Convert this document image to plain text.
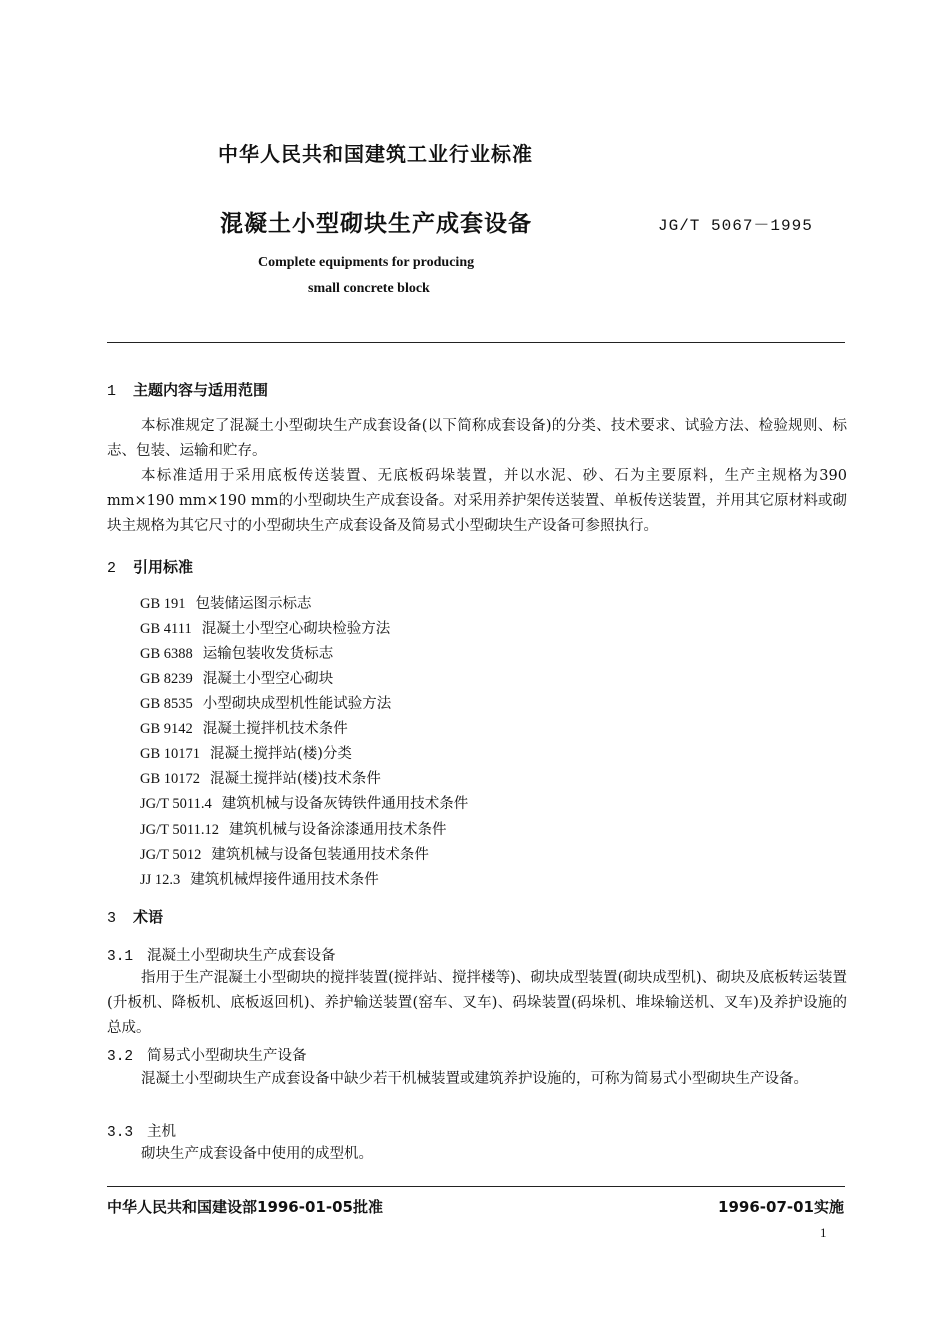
中华人民共和国建筑工业行业标准
混凝土小型砌块生产成套设备	JG/T 5067－1995
Complete equipments for producing
small concrete block
1 主题内容与适用范围
本标准规定了混凝土小型砌块生产成套设备(以下简称成套设备)的分类、技术要求、试验方法、检验规则、标志、包装、运输和贮存。
本标准适用于采用底板传送装置、无底板码垛装置，并以水泥、砂、石为主要原料，生产主规格为390 mm×190 mm×190 mm的小型砌块生产成套设备。对采用养护架传送装置、单板传送装置，并用其它原材料或砌块主规格为其它尺寸的小型砌块生产成套设备及简易式小型砌块生产设备可参照执行。
2 引用标准
GB 191 包装储运图示标志
GB 4111 混凝土小型空心砌块检验方法
GB 6388 运输包装收发货标志
GB 8239 混凝土小型空心砌块
GB 8535 小型砌块成型机性能试验方法
GB 9142 混凝土搅拌机技术条件
GB 10171 混凝土搅拌站(楼)分类
GB 10172 混凝土搅拌站(楼)技术条件
JG/T 5011.4 建筑机械与设备灰铸铁件通用技术条件
JG/T 5011.12 建筑机械与设备涂漆通用技术条件
JG/T 5012 建筑机械与设备包装通用技术条件
JJ 12.3 建筑机械焊接件通用技术条件
3 术语
3.1 混凝土小型砌块生产成套设备
指用于生产混凝土小型砌块的搅拌装置(搅拌站、搅拌楼等)、砌块成型装置(砌块成型机)、砌块及底板转运装置(升板机、降板机、底板返回机)、养护输送装置(窑车、叉车)、码垛装置(码垛机、堆垛输送机、叉车)及养护设施的总成。
3.2 简易式小型砌块生产设备
混凝土小型砌块生产成套设备中缺少若干机械装置或建筑养护设施的，可称为简易式小型砌块生产设备。
3.3 主机
砌块生产成套设备中使用的成型机。
中华人民共和国建设部1996-01-05批准	1996-07-01实施
1
